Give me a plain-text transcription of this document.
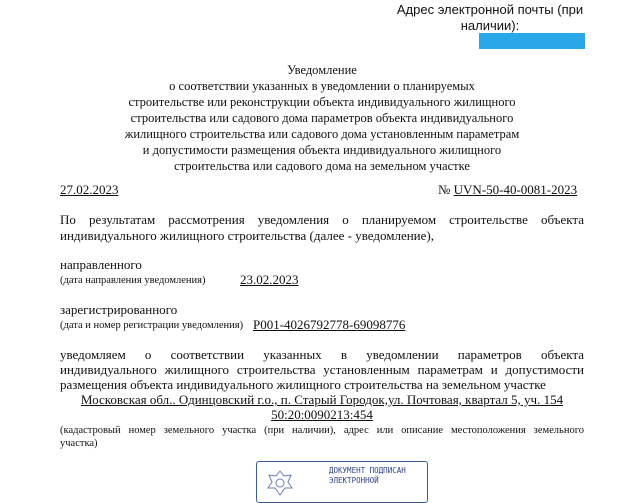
Адрес электронной почты (при
наличии):
Уведомление
о соответствии указанных в уведомлении о планируемых
строительстве или реконструкции объекта индивидуального жилищного
строительства или садового дома параметров объекта индивидуального
жилищного строительства или садового дома установленным параметрам
и допустимости размещения объекта индивидуального жилищного
строительства или садового дома на земельном участке
27.02.2023	№ UVN-50-40-0081-2023
По результатам рассмотрения уведомления о планируемом строительстве объекта
индивидуального жилищного строительства (далее - уведомление),
направленного
(дата направления уведомления)	23.02.2023
зарегистрированного
(дата и номер регистрации уведомления) P001-4026792778-69098776
уведомляем о соответствии указанных в уведомлении параметров объекта
индивидуального жилищного строительства установленным параметрам и допустимости
размещения объекта индивидуального жилищного строительства на земельном участке
Московская обл.. Одинцовский г.о., п. Старый Городок,ул. Почтовая, квартал 5, уч. 154
50:20:0090213:454
(кадастровый номер земельного участка (при наличии), адрес или описание местоположения земельного
участка)
ДОКУМЕНТ ПОДПИСАН
ЭЛЕКТРОННОЙ
